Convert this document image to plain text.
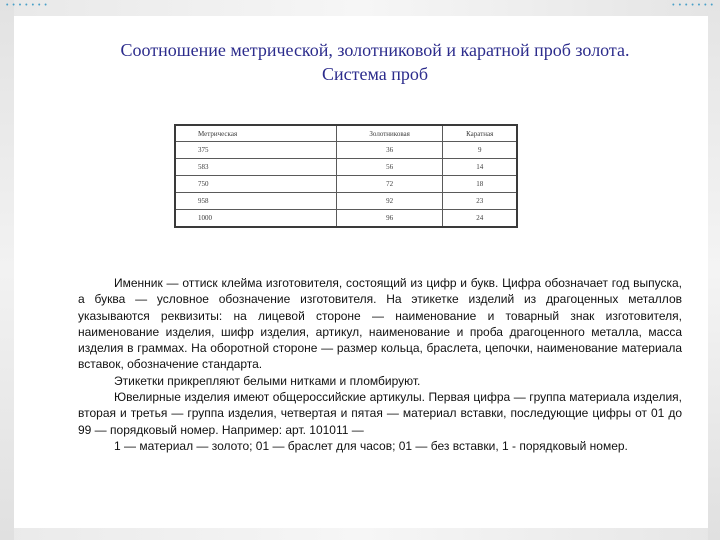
• • • • • • •	• • • • • • •
Соотношение метрической, золотниковой и каратной проб золота.
Система проб
Метрическая	Золотниковая	Каратная
375	36	9
583	56	14
750	72	18
958	92	23
1000	96	24

Именник — оттиск клейма изготовителя, состоящий из цифр и букв. Цифра обозначает год выпуска, а буква — условное обозначение изготовителя. На этикетке изделий из драгоценных металлов указываются реквизиты: на лицевой стороне — наименование и товарный знак изготовителя, наименование изделия, шифр изделия, артикул, наименование и проба драгоценного металла, масса изделия в граммах. На оборотной стороне — размер кольца, браслета, цепочки, наименование материала вставок, обозначение стандарта.

Этикетки прикрепляют белыми нитками и пломбируют.

Ювелирные изделия имеют общероссийские артикулы. Первая цифра — группа материала изделия, вторая и третья — группа изделия, четвертая и пятая — материал вставки, последующие цифры от 01 до 99 — порядковый номер. Например: арт. 101011 —

1 — материал — золото; 01 — браслет для часов; 01 — без вставки, 1 - порядковый номер.
